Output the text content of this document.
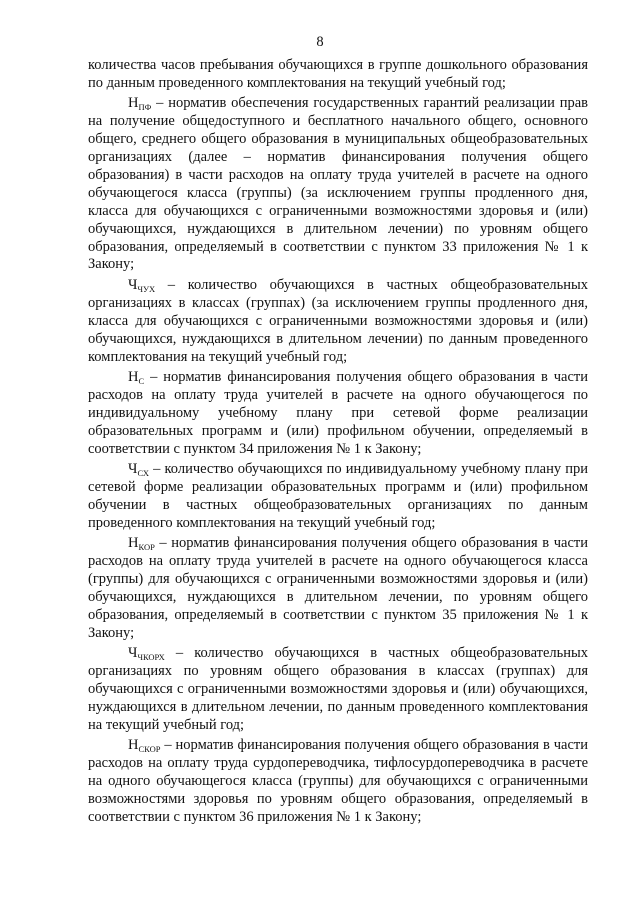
8

количества часов пребывания обучающихся в группе дошкольного образования по данным проведенного комплектования на текущий учебный год;

$Н_{ПФ}$ – норматив обеспечения государственных гарантий реализации прав на получение общедоступного и бесплатного начального общего, основного общего, среднего общего образования в муниципальных общеобразовательных организациях (далее – норматив финансирования получения общего образования) в части расходов на оплату труда учителей в расчете на одного обучающегося класса (группы) (за исключением группы продленного дня, класса для обучающихся с ограниченными возможностями здоровья и (или) обучающихся, нуждающихся в длительном лечении) по уровням общего образования, определяемый в соответствии с пунктом 33 приложения № 1 к Закону;

$Ч_{ЧУХ}$ – количество обучающихся в частных общеобразовательных организациях в классах (группах) (за исключением группы продленного дня, класса для обучающихся с ограниченными возможностями здоровья и (или) обучающихся, нуждающихся в длительном лечении) по данным проведенного комплектования на текущий учебный год;

$Н_С$ – норматив финансирования получения общего образования в части расходов на оплату труда учителей в расчете на одного обучающегося по индивидуальному учебному плану при сетевой форме реализации образовательных программ и (или) профильном обучении, определяемый в соответствии с пунктом 34 приложения № 1 к Закону;

$Ч_{СХ}$ – количество обучающихся по индивидуальному учебному плану при сетевой форме реализации образовательных программ и (или) профильном обучении в частных общеобразовательных организациях по данным проведенного комплектования на текущий учебный год;

$Н_{КОР}$ – норматив финансирования получения общего образования в части расходов на оплату труда учителей в расчете на одного обучающегося класса (группы) для обучающихся с ограниченными возможностями здоровья и (или) обучающихся, нуждающихся в длительном лечении, по уровням общего образования, определяемый в соответствии с пунктом 35 приложения № 1 к Закону;

$Ч_{ЧКОРХ}$ – количество обучающихся в частных общеобразовательных организациях по уровням общего образования в классах (группах) для обучающихся с ограниченными возможностями здоровья и (или) обучающихся, нуждающихся в длительном лечении, по данным проведенного комплектования на текущий учебный год;

$Н_{СКОР}$ – норматив финансирования получения общего образования в части расходов на оплату труда сурдопереводчика, тифлосурдопереводчика в расчете на одного обучающегося класса (группы) для обучающихся с ограниченными возможностями здоровья по уровням общего образования, определяемый в соответствии с пунктом 36 приложения № 1 к Закону;
